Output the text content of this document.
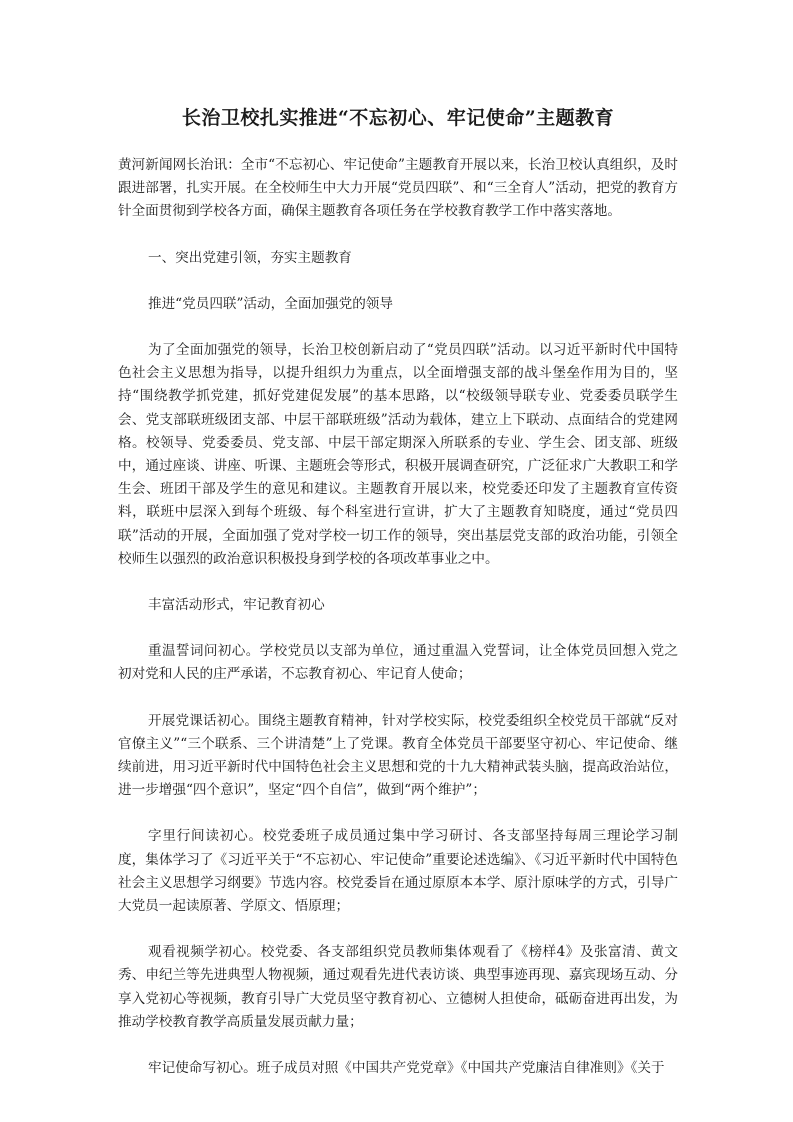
长治卫校扎实推进“不忘初心、牢记使命”主题教育

黄河新闻网长治讯：全市“不忘初心、牢记使命”主题教育开展以来，长治卫校认真组织，及时跟进部署，扎实开展。在全校师生中大力开展“党员四联”、和“三全育人”活动，把党的教育方针全面贯彻到学校各方面，确保主题教育各项任务在学校教育教学工作中落实落地。

一、突出党建引领，夯实主题教育

推进“党员四联”活动，全面加强党的领导

为了全面加强党的领导，长治卫校创新启动了“党员四联”活动。以习近平新时代中国特色社会主义思想为指导，以提升组织力为重点，以全面增强支部的战斗堡垒作用为目的，坚持“围绕教学抓党建，抓好党建促发展”的基本思路，以“校级领导联专业、党委委员联学生会、党支部联班级团支部、中层干部联班级”活动为载体，建立上下联动、点面结合的党建网格。校领导、党委委员、党支部、中层干部定期深入所联系的专业、学生会、团支部、班级中，通过座谈、讲座、听课、主题班会等形式，积极开展调查研究，广泛征求广大教职工和学生会、班团干部及学生的意见和建议。主题教育开展以来，校党委还印发了主题教育宣传资料，联班中层深入到每个班级、每个科室进行宣讲，扩大了主题教育知晓度，通过“党员四联”活动的开展，全面加强了党对学校一切工作的领导，突出基层党支部的政治功能，引领全校师生以强烈的政治意识积极投身到学校的各项改革事业之中。

丰富活动形式，牢记教育初心

重温誓词问初心。学校党员以支部为单位，通过重温入党誓词，让全体党员回想入党之初对党和人民的庄严承诺，不忘教育初心、牢记育人使命；

开展党课话初心。围绕主题教育精神，针对学校实际，校党委组织全校党员干部就“反对官僚主义”“三个联系、三个讲清楚”上了党课。教育全体党员干部要坚守初心、牢记使命、继续前进，用习近平新时代中国特色社会主义思想和党的十九大精神武装头脑，提高政治站位，进一步增强“四个意识”，坚定“四个自信”，做到“两个维护”；

字里行间读初心。校党委班子成员通过集中学习研讨、各支部坚持每周三理论学习制度，集体学习了《习近平关于“不忘初心、牢记使命”重要论述选编》、《习近平新时代中国特色社会主义思想学习纲要》节选内容。校党委旨在通过原原本本学、原汁原味学的方式，引导广大党员一起读原著、学原文、悟原理；

观看视频学初心。校党委、各支部组织党员教师集体观看了《榜样4》及张富清、黄文秀、申纪兰等先进典型人物视频，通过观看先进代表访谈、典型事迹再现、嘉宾现场互动、分享入党初心等视频，教育引导广大党员坚守教育初心、立德树人担使命，砥砺奋进再出发，为推动学校教育教学高质量发展贡献力量；

牢记使命写初心。班子成员对照《中国共产党党章》《中国共产党廉洁自律准则》《关于
